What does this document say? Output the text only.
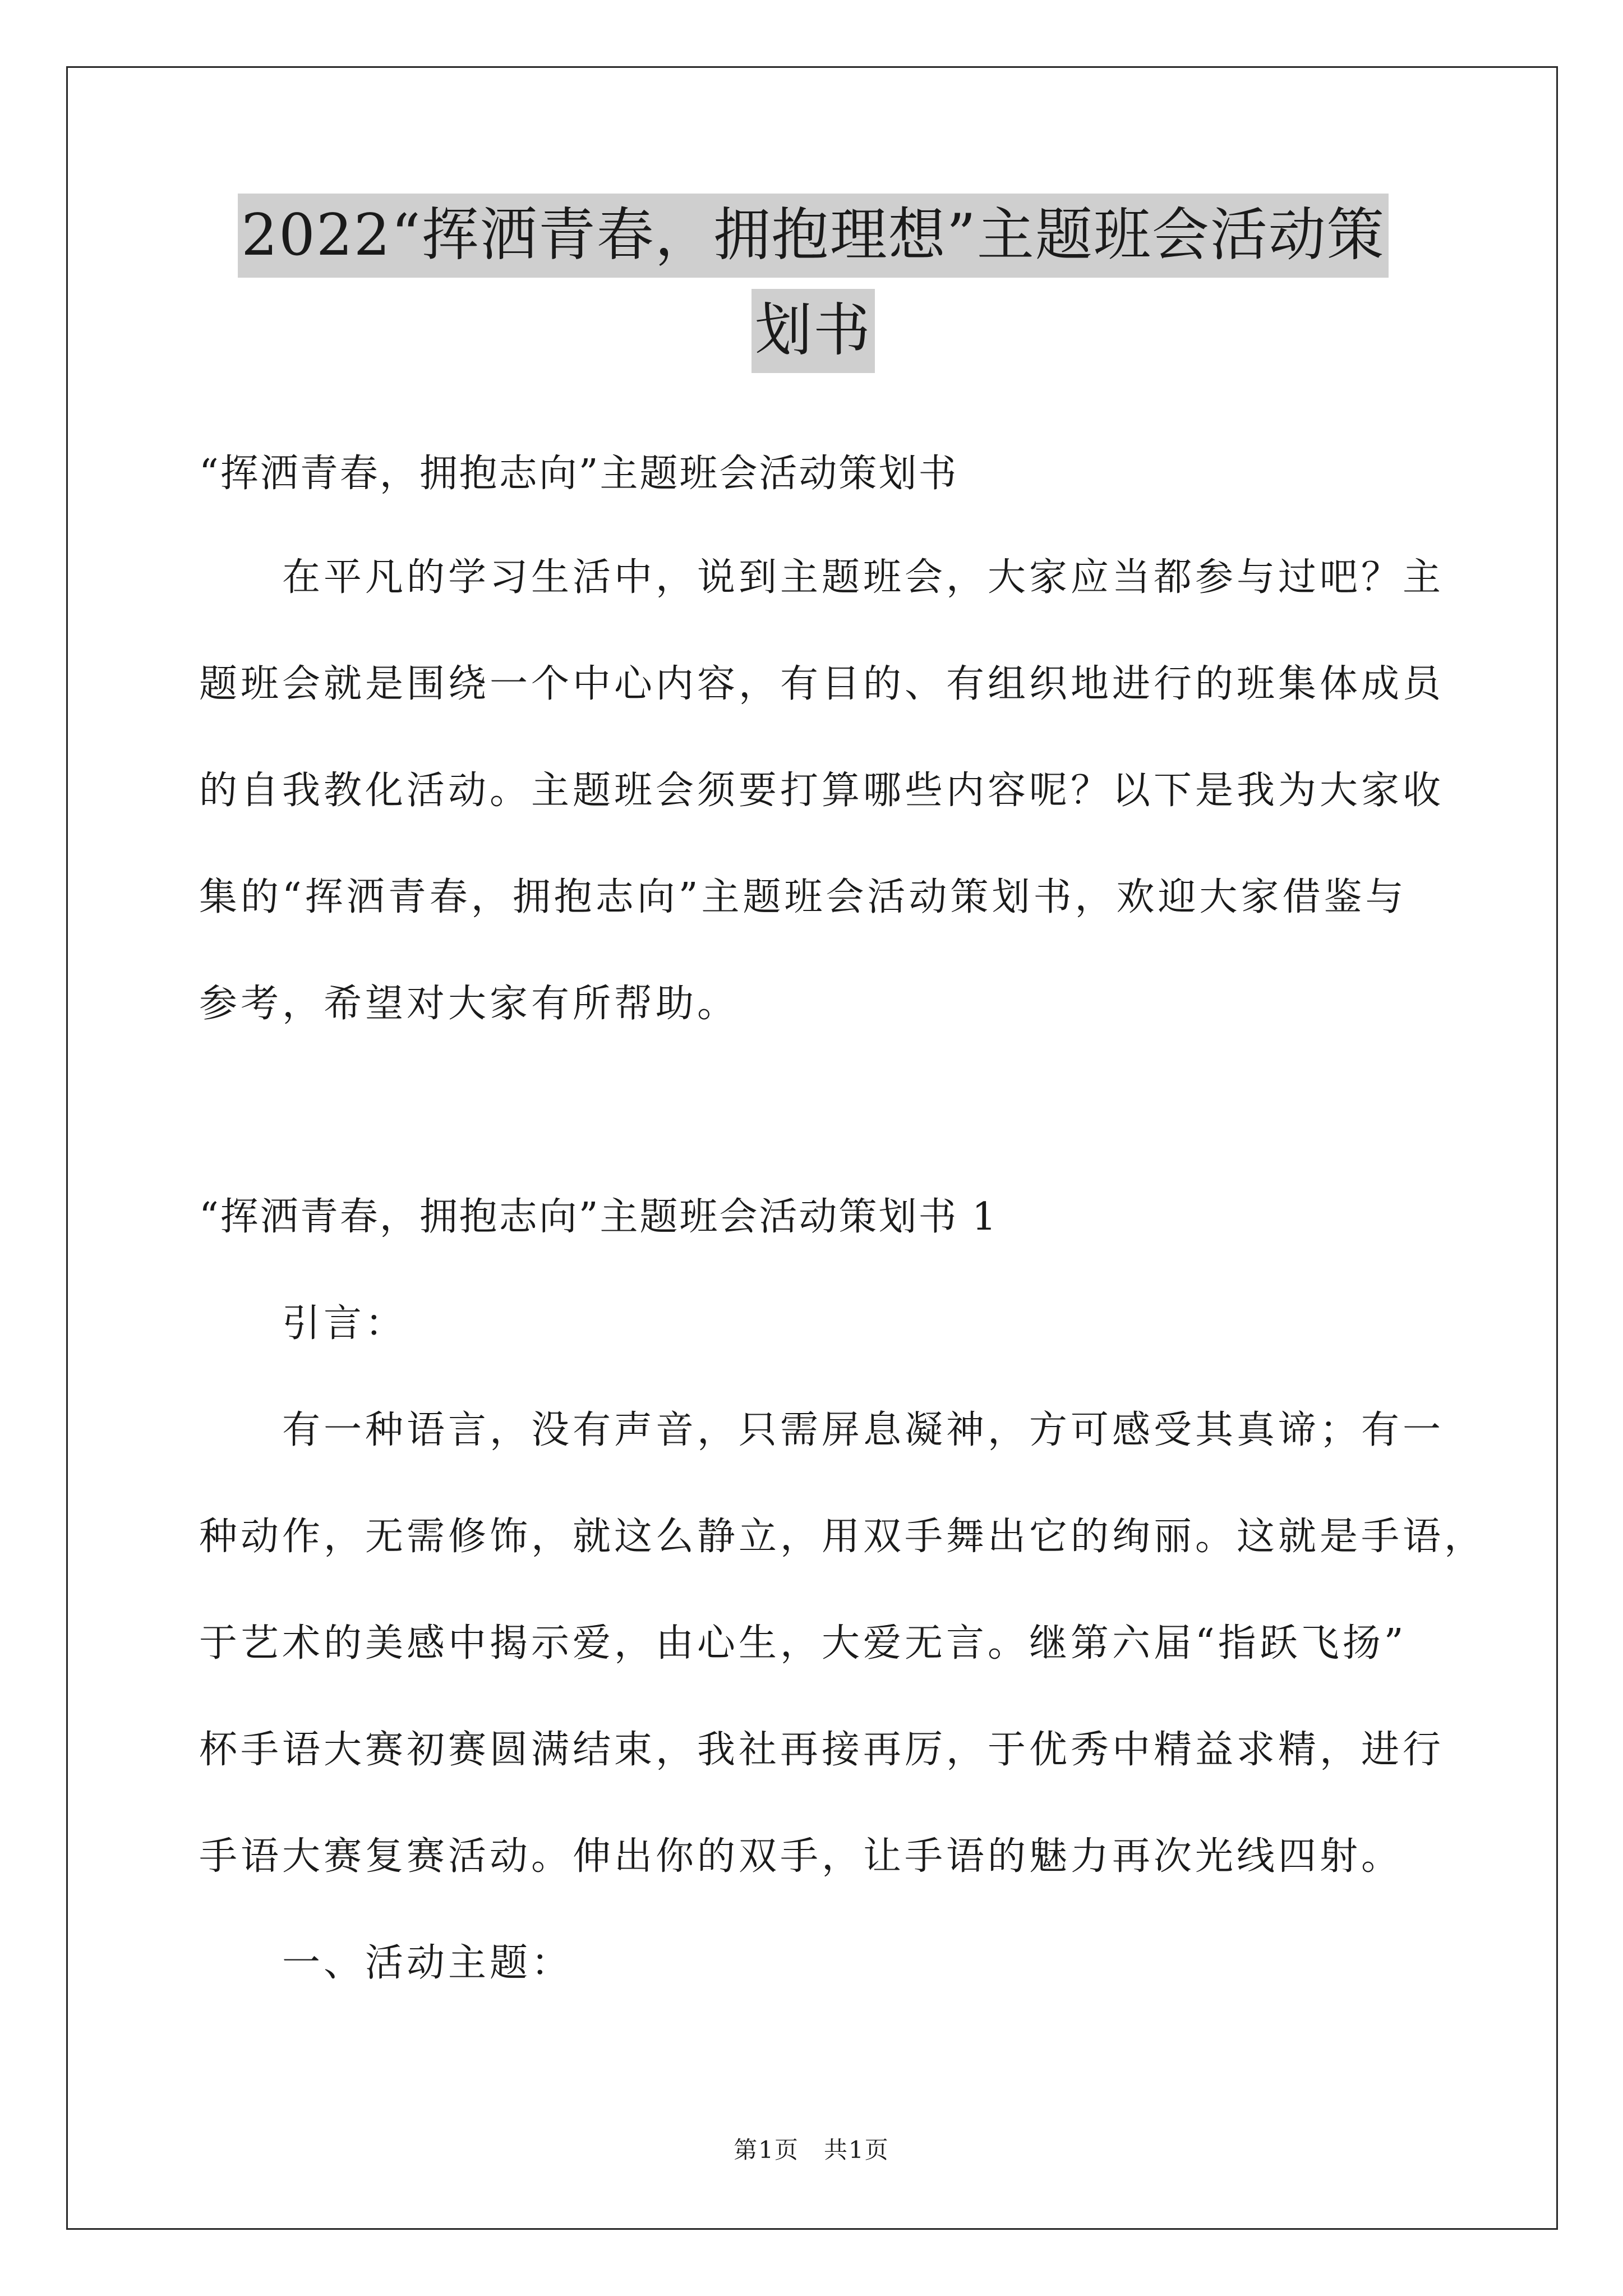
2022“挥洒青春，拥抱理想”主题班会活动策
划书
“挥洒青春，拥抱志向”主题班会活动策划书
在平凡的学习生活中，说到主题班会，大家应当都参与过吧？主
题班会就是围绕一个中心内容，有目的、有组织地进行的班集体成员
的自我教化活动。主题班会须要打算哪些内容呢？以下是我为大家收
集的“挥洒青春，拥抱志向”主题班会活动策划书，欢迎大家借鉴与
参考，希望对大家有所帮助。
“挥洒青春，拥抱志向”主题班会活动策划书 1
引言：
有一种语言，没有声音，只需屏息凝神，方可感受其真谛；有一
种动作，无需修饰，就这么静立，用双手舞出它的绚丽。这就是手语，
于艺术的美感中揭示爱，由心生，大爱无言。继第六届“指跃飞扬”
杯手语大赛初赛圆满结束，我社再接再厉，于优秀中精益求精，进行
手语大赛复赛活动。伸出你的双手，让手语的魅力再次光线四射。
一、活动主题：
第1页　共1页
